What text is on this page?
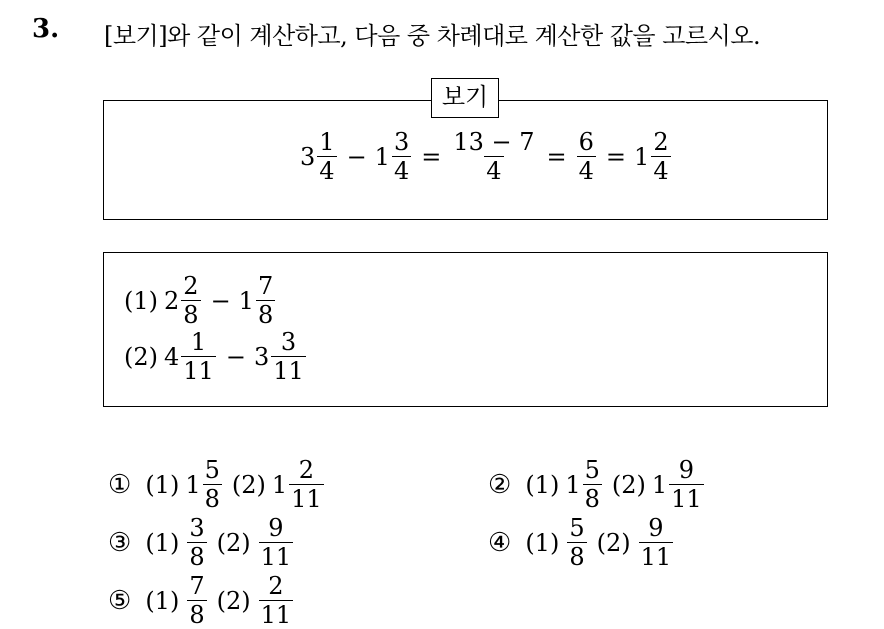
3. [보기]와 같이 계산하고, 다음 중 차례대로 계산한 값을 고르시오.
보기
$3 \frac{1}{4} - 1 \frac{3}{4} = \frac{13 - 7}{4} = \frac{6}{4} = 1 \frac{2}{4}$
(1) $2 \frac{2}{8} - 1 \frac{7}{8}$
(2) $4 \frac{1}{11} - 3 \frac{3}{11}$
① (1) $1 \frac{5}{8} (2)$ $1 \frac{2}{11}$	② (1) $1 \frac{5}{8} (2)$ $1 \frac{9}{11}$
③ $(1) \frac{3}{8} (2) \frac{9}{11}$	④ $(1) \frac{5}{8} (2) \frac{9}{11}$
⑤ $(1) \frac{7}{8} (2) \frac{2}{11}$
